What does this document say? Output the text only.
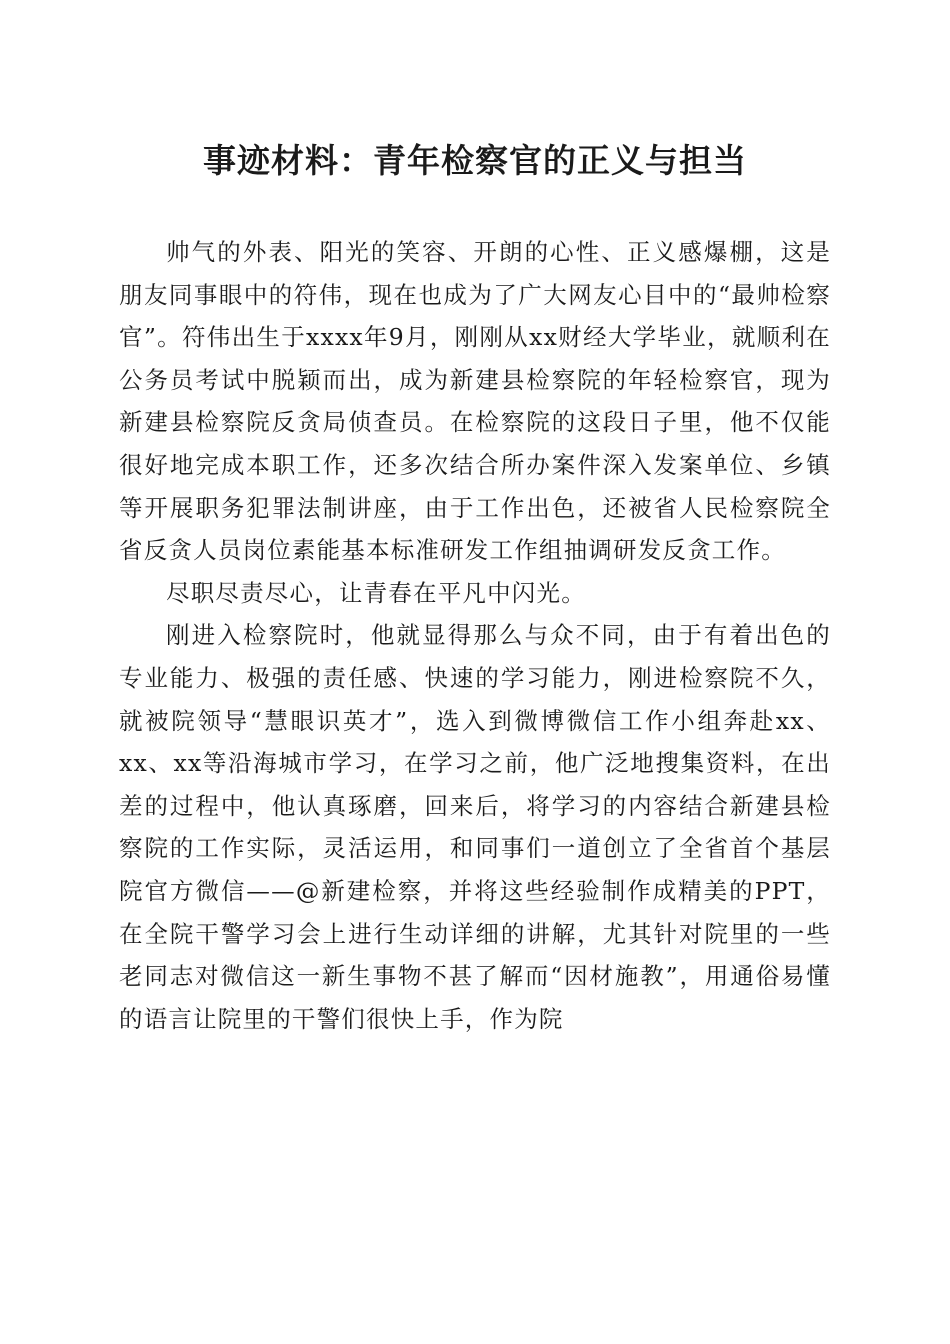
事迹材料：青年检察官的正义与担当

帅气的外表、阳光的笑容、开朗的心性、正义感爆棚，这是朋友同事眼中的符伟，现在也成为了广大网友心目中的“最帅检察官”。符伟出生于xxxx年9月，刚刚从xx财经大学毕业，就顺利在公务员考试中脱颖而出，成为新建县检察院的年轻检察官，现为新建县检察院反贪局侦查员。在检察院的这段日子里，他不仅能很好地完成本职工作，还多次结合所办案件深入发案单位、乡镇等开展职务犯罪法制讲座，由于工作出色，还被省人民检察院全省反贪人员岗位素能基本标准研发工作组抽调研发反贪工作。

尽职尽责尽心，让青春在平凡中闪光。

刚进入检察院时，他就显得那么与众不同，由于有着出色的专业能力、极强的责任感、快速的学习能力，刚进检察院不久，就被院领导“慧眼识英才”，选入到微博微信工作小组奔赴xx、xx、xx等沿海城市学习，在学习之前，他广泛地搜集资料，在出差的过程中，他认真琢磨，回来后，将学习的内容结合新建县检察院的工作实际，灵活运用，和同事们一道创立了全省首个基层院官方微信——@新建检察，并将这些经验制作成精美的PPT，在全院干警学习会上进行生动详细的讲解，尤其针对院里的一些老同志对微信这一新生事物不甚了解而“因材施教”，用通俗易懂的语言让院里的干警们很快上手，作为院
